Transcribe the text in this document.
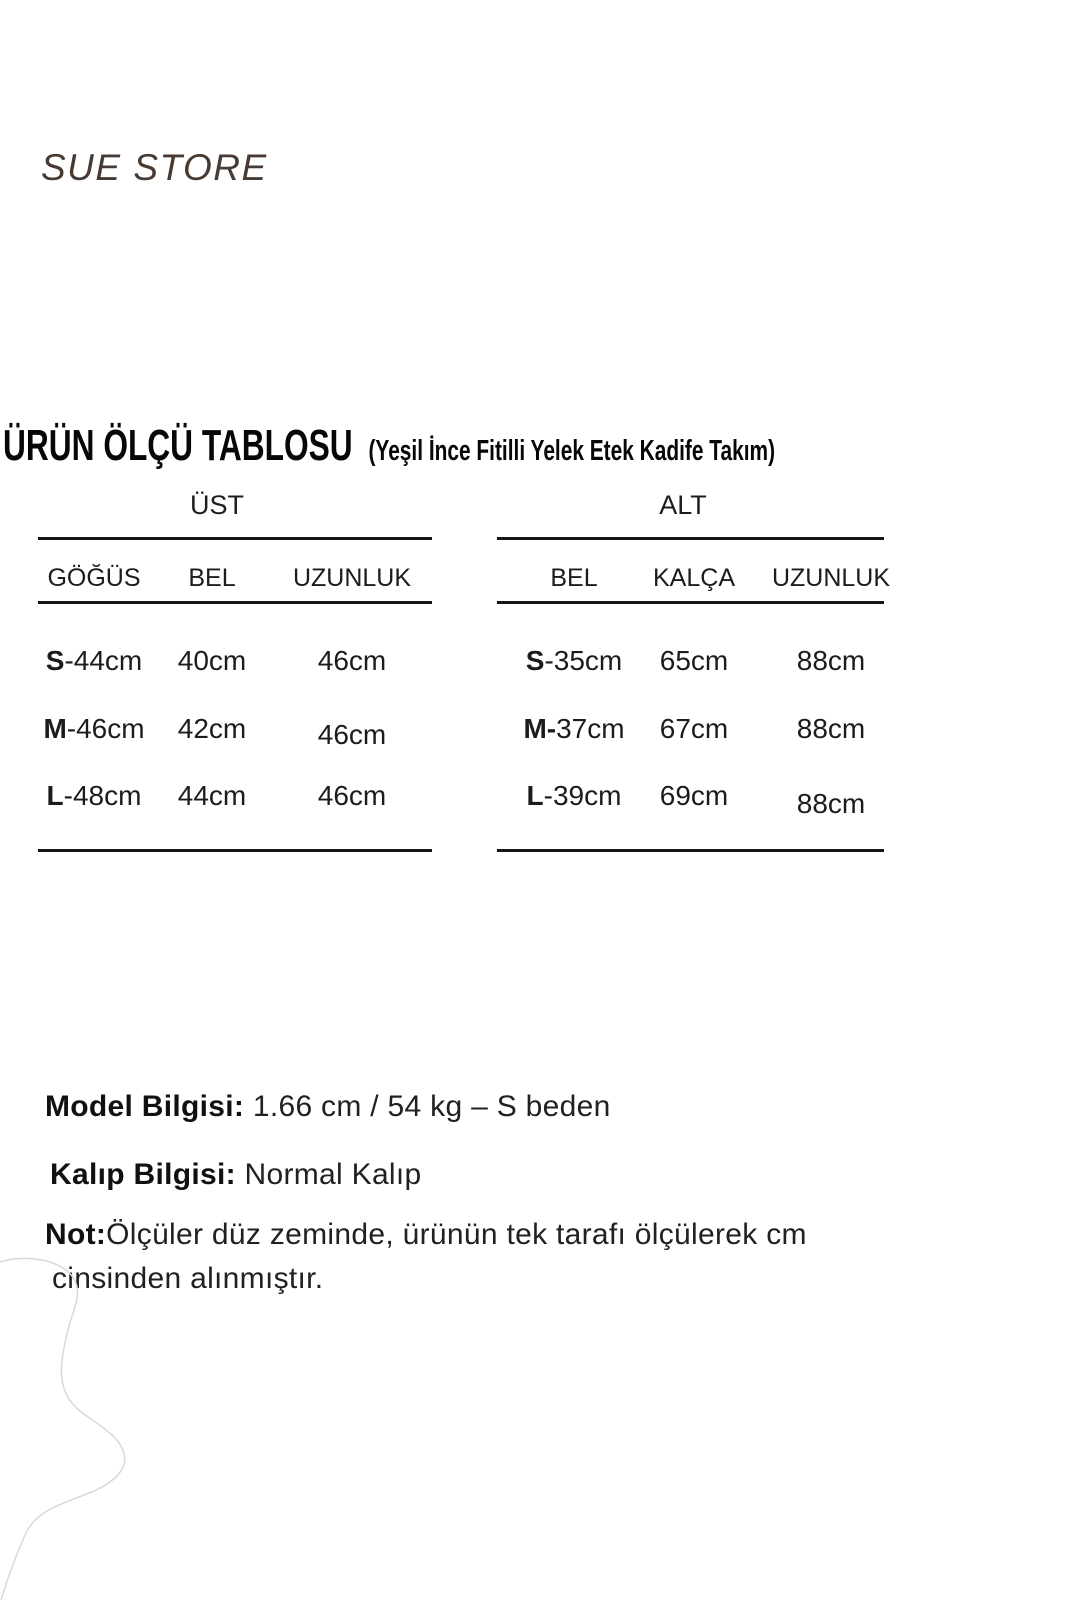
SUE STORE
ÜRÜN ÖLÇÜ TABLOSU (Yeşil İnce Fitilli Yelek Etek Kadife Takım)
ÜST
GÖĞÜS BEL UZUNLUK
S-44cm 40cm	46cm
M-46cm 42cm	46cm
L-48cm 44cm	46cm
ALT
BEL KALÇA UZUNLUK
S-35cm 65cm 88cm
M-37cm 67cm 88cm
L-39cm 69cm 88cm

Model Bilgisi: 1.66 cm / 54 kg – S beden

Kalıp Bilgisi: Normal Kalıp

Not:Ölçüler düz zeminde, ürünün tek tarafı ölçülerek cm
cinsinden alınmıştır.
